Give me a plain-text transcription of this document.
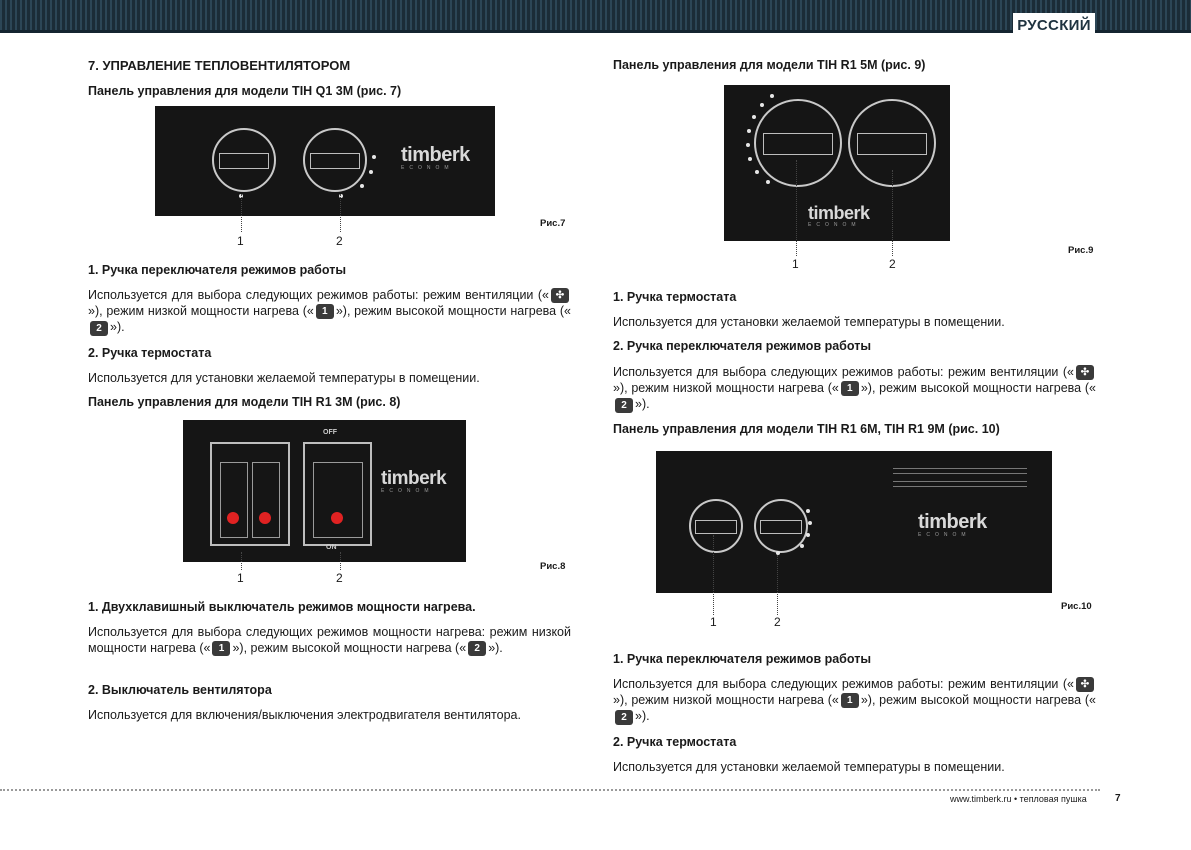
РУССКИЙ
7. УПРАВЛЕНИЕ ТЕПЛОВЕНТИЛЯТОРОМ
Панель управления для модели TIH Q1 3M (рис. 7)
timberk
ECONOM
1	2
Рис.7
1. Ручка переключателя режимов работы
Используется для выбора следующих режимов работы: режим вентиляции (« ✣
»), режим низкой мощности нагрева (« 1 »), режим высокой мощности нагрева («
2 »).
2. Ручка термостата
Используется для установки желаемой температуры в помещении.
Панель управления для модели TIH R1 3M (рис. 8)
OFF
ON
timberk
ECONOM
1	2
Рис.8
1. Двухклавишный выключатель режимов мощности нагрева.
Используется для выбора следующих режимов мощности нагрева: режим низкой мощности нагрева (« 1 »), режим высокой мощности нагрева (« 2 »).
2. Выключатель вентилятора
Используется для включения/выключения электродвигателя вентилятора.
Панель управления для модели TIH R1 5M (рис. 9)
timberk
ECONOM
1	2
Рис.9
1. Ручка термостата
Используется для установки желаемой температуры в помещении.
2. Ручка переключателя режимов работы
Используется для выбора следующих режимов работы: режим вентиляции (« ✣
»), режим низкой мощности нагрева (« 1 »), режим высокой мощности нагрева («
2 »).
Панель управления для модели TIH R1 6M, TIH R1 9M (рис. 10)
timberk
ECONOM
1	2
Рис.10
1. Ручка переключателя режимов работы
Используется для выбора следующих режимов работы: режим вентиляции (« ✣
»), режим низкой мощности нагрева (« 1 »), режим высокой мощности нагрева («
2 »).
2. Ручка термостата
Используется для установки желаемой температуры в помещении.
www.timberk.ru • тепловая пушка	7
